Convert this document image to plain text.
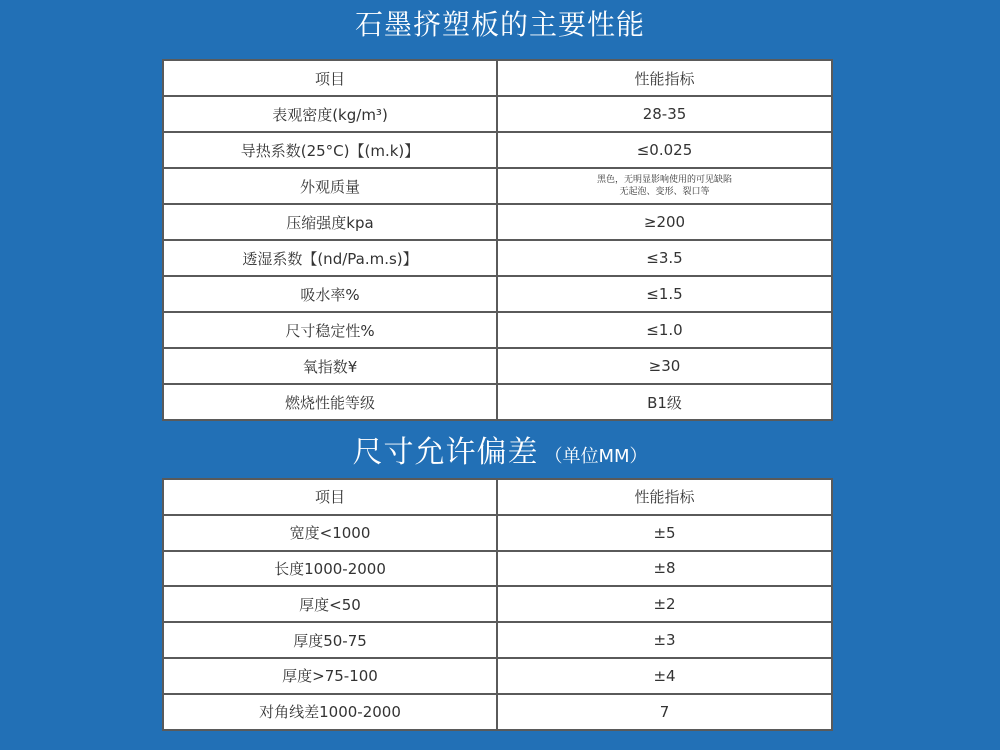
石墨挤塑板的主要性能
项目	性能指标
表观密度(kg/m³)	28-35
导热系数(25°C)【(m.k)】	≤0.025
外观质量	黑色，无明显影响使用的可见缺陷
无起泡、变形、裂口等

压缩强度kpa	≥200
透湿系数【(nd/Pa.m.s)】	≤3.5
吸水率%	≤1.5
尺寸稳定性%	≤1.0
氧指数¥	≥30
燃烧性能等级	B1级
尺寸允许偏差 （单位MM）
项目	性能指标
宽度<1000	±5
长度1000-2000	±8
厚度<50	±2
厚度50-75	±3
厚度>75-100	±4
对角线差1000-2000	7
